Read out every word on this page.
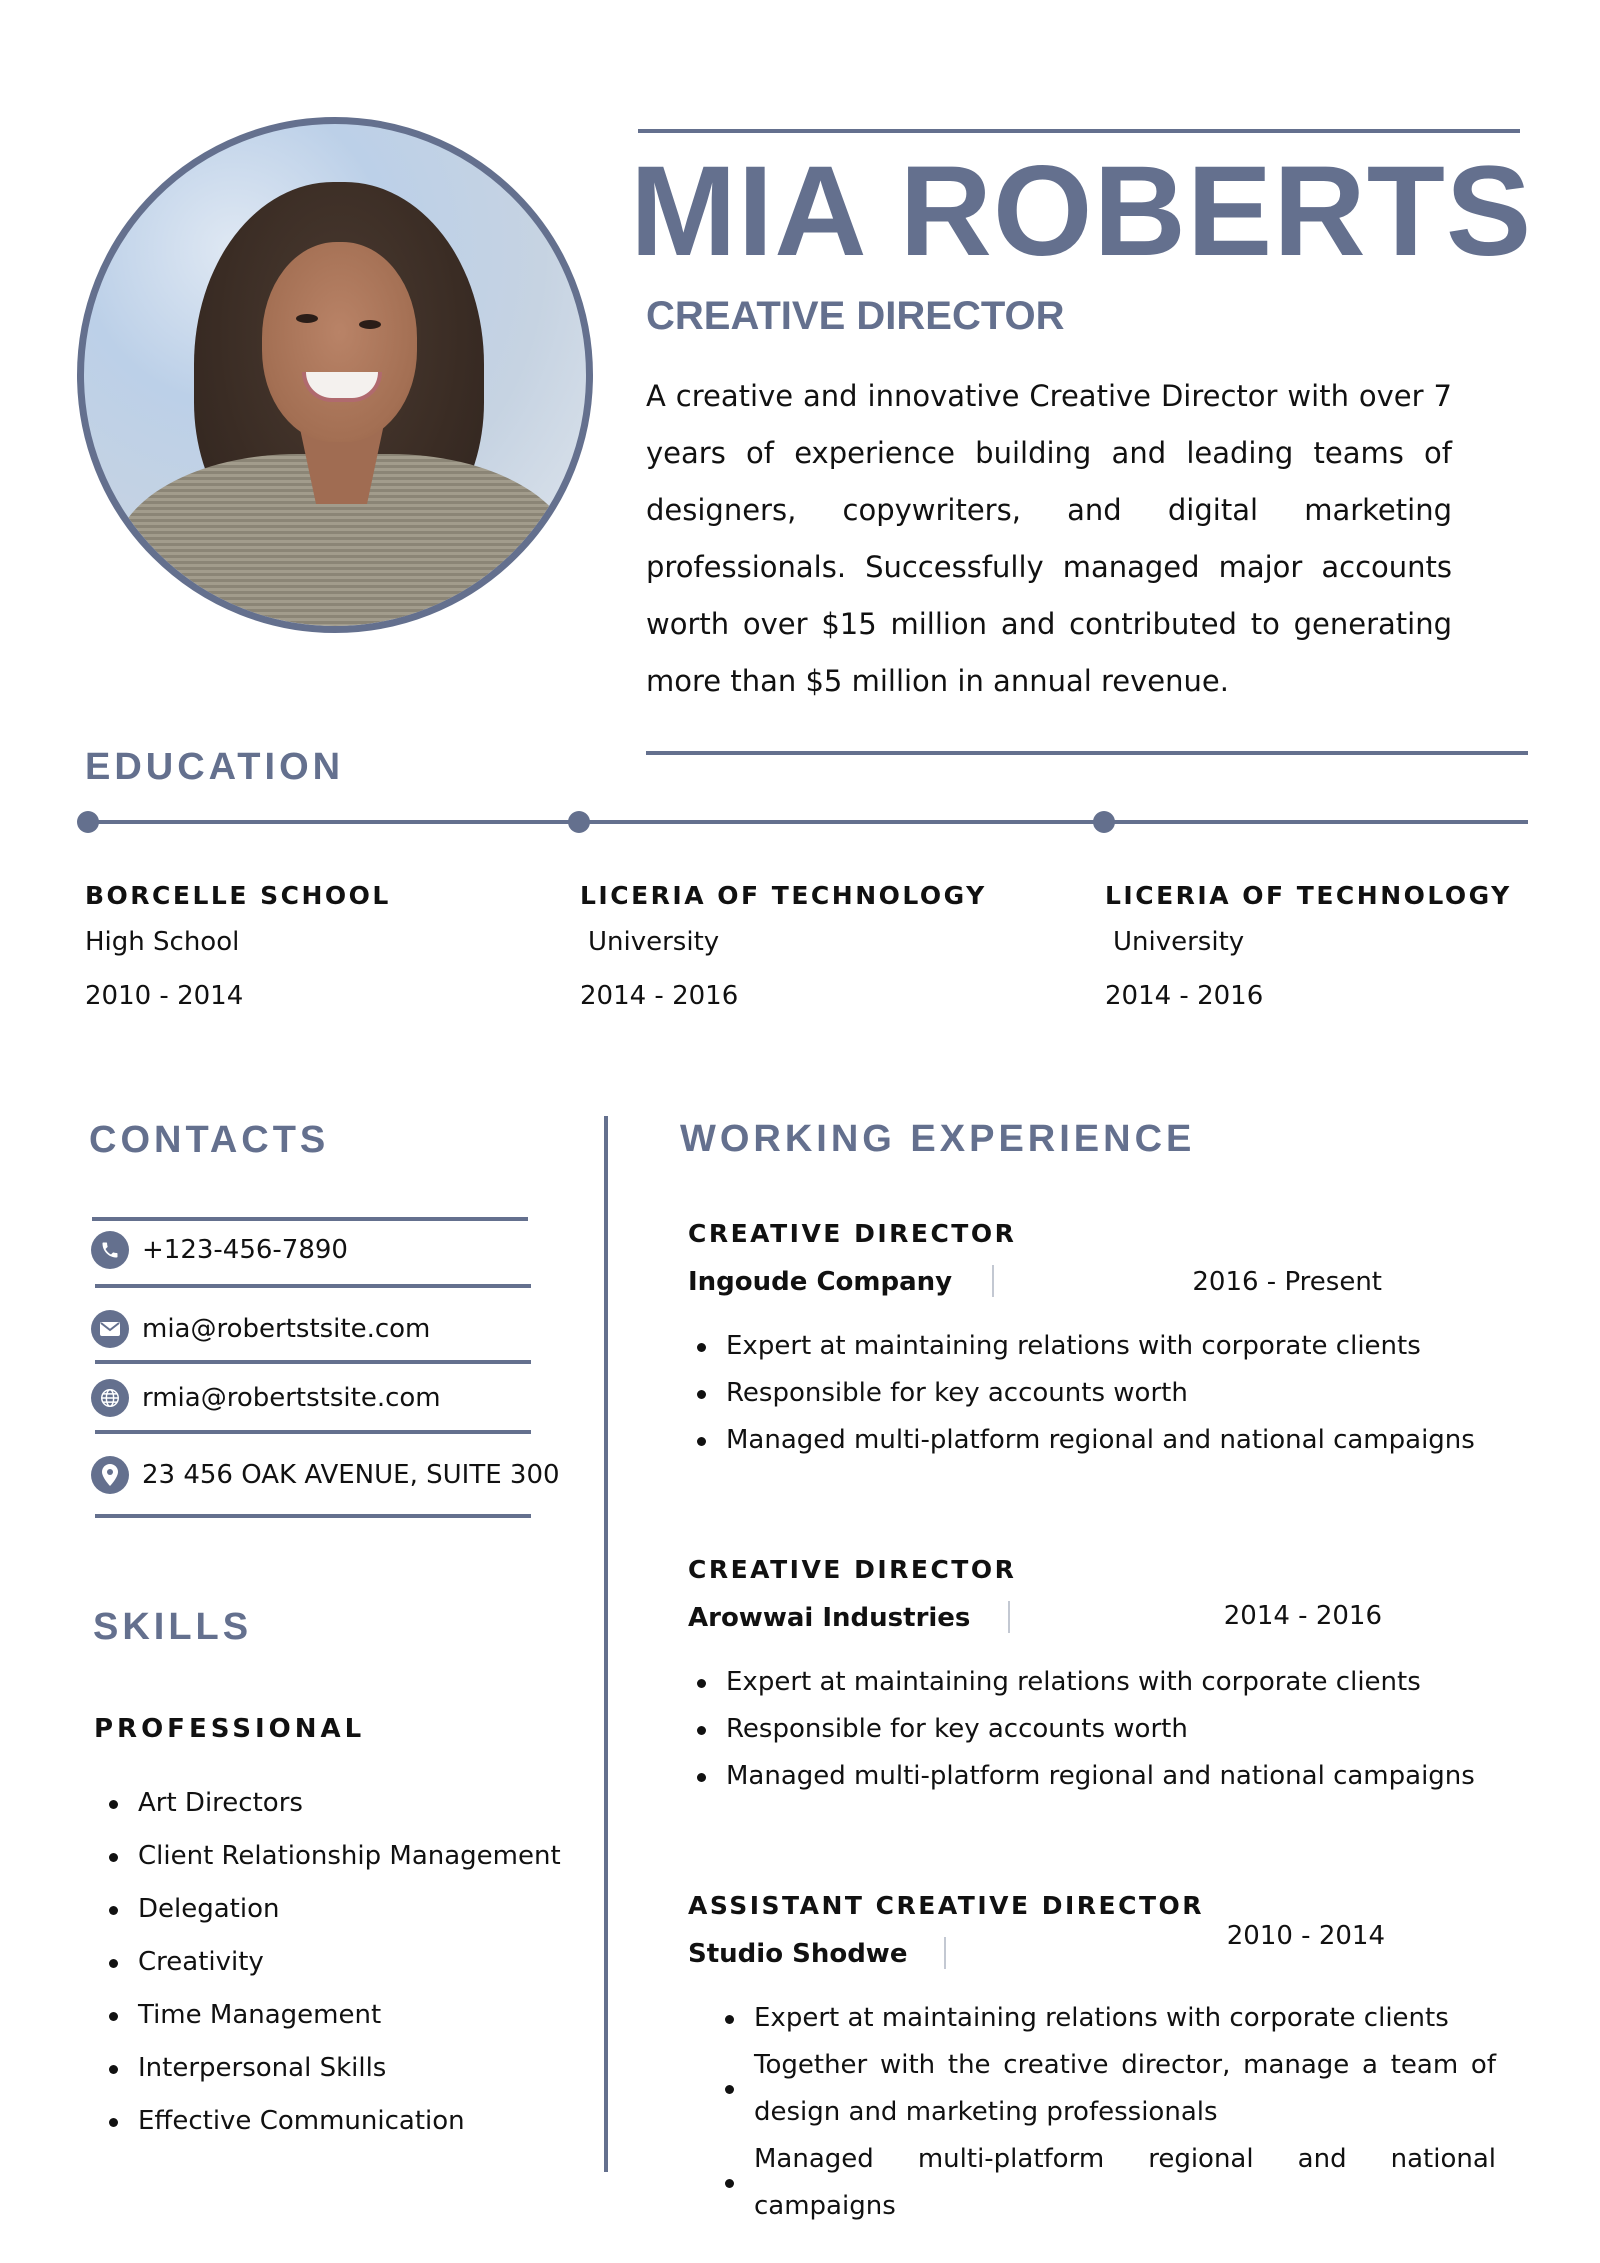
MIA ROBERTS
CREATIVE DIRECTOR
A creative and innovative Creative Director with over 7 years of experience building and leading teams of designers, copywriters, and digital marketing professionals. Successfully managed major accounts worth over $15 million and contributed to generating more than $5 million in annual revenue.
EDUCATION
BORCELLE SCHOOL
High School
2010 - 2014
LICERIA OF TECHNOLOGY
University
2014 - 2016
LICERIA OF TECHNOLOGY
University
2014 - 2016
CONTACTS
+123-456-7890
mia@robertstsite.com
rmia@robertstsite.com
23 456 OAK AVENUE, SUITE 300
SKILLS
PROFESSIONAL
Art Directors
Client Relationship Management
Delegation
Creativity
Time Management
Interpersonal Skills
Effective Communication
WORKING EXPERIENCE
CREATIVE DIRECTOR
Ingoude Company	2016 - Present
Expert at maintaining relations with corporate clients
Responsible for key accounts worth
Managed multi-platform regional and national campaigns
CREATIVE DIRECTOR
Arowwai Industries	2014 - 2016
Expert at maintaining relations with corporate clients
Responsible for key accounts worth
Managed multi-platform regional and national campaigns
ASSISTANT CREATIVE DIRECTOR
Studio Shodwe
2010 - 2014
Expert at maintaining relations with corporate clients
Together with the creative director, manage a team of design and marketing professionals
Managed multi-platform regional and national campaigns
